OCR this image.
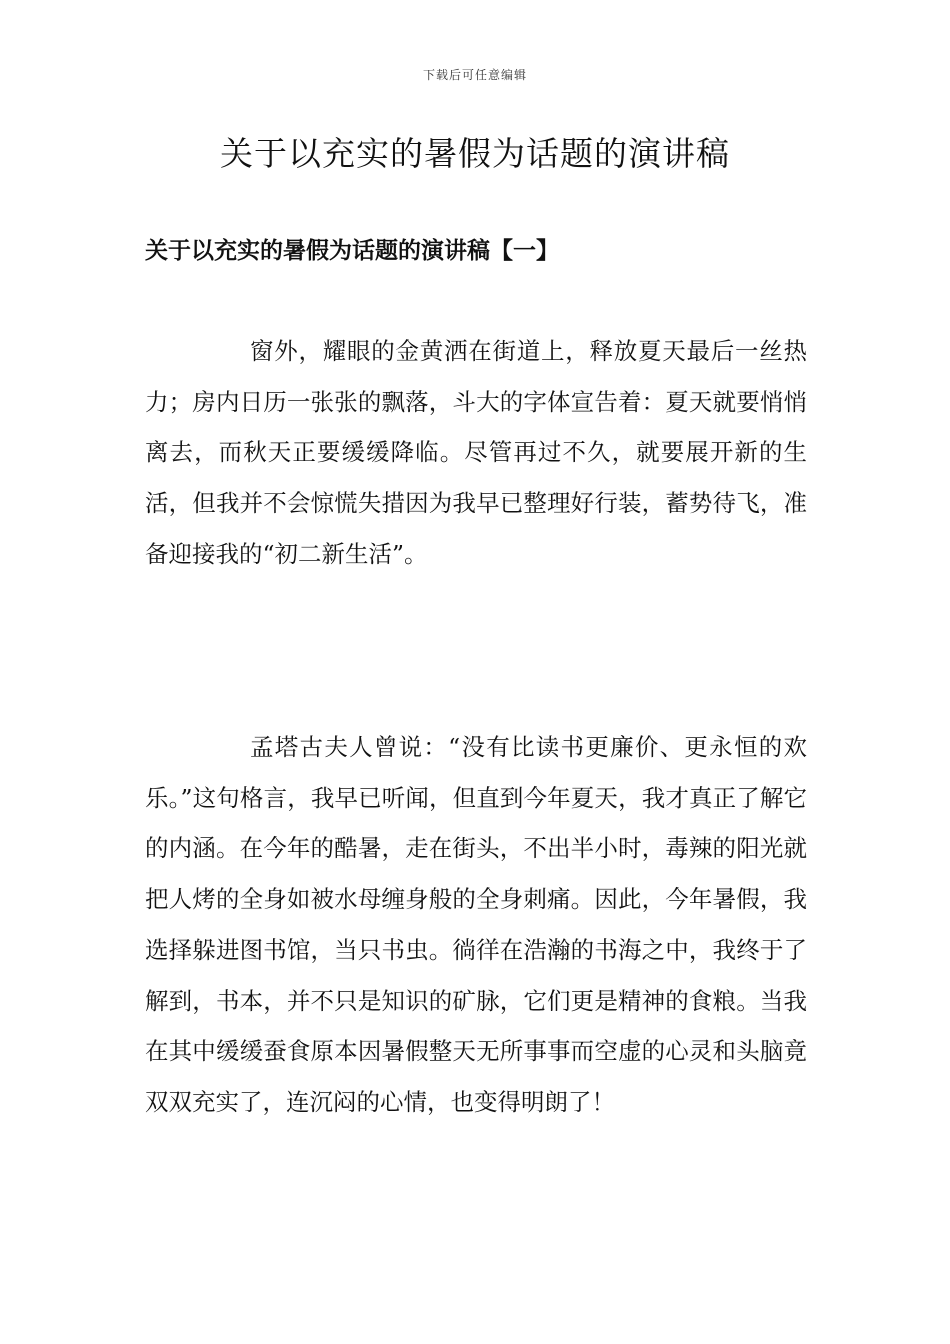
下载后可任意编辑
关于以充实的暑假为话题的演讲稿
关于以充实的暑假为话题的演讲稿【一】

窗外，耀眼的金黄洒在街道上，释放夏天最后一丝热力；房内日历一张张的飘落，斗大的字体宣告着：夏天就要悄悄离去，而秋天正要缓缓降临。尽管再过不久，就要展开新的生活，但我并不会惊慌失措因为我早已整理好行装，蓄势待飞，准备迎接我的“初二新生活”。

孟塔古夫人曾说：“没有比读书更廉价、更永恒的欢乐。”这句格言，我早已听闻，但直到今年夏天，我才真正了解它的内涵。在今年的酷暑，走在街头，不出半小时，毒辣的阳光就把人烤的全身如被水母缠身般的全身刺痛。因此，今年暑假，我选择躲进图书馆，当只书虫。徜徉在浩瀚的书海之中，我终于了解到，书本，并不只是知识的矿脉，它们更是精神的食粮。当我在其中缓缓蚕食原本因暑假整天无所事事而空虚的心灵和头脑竟双双充实了，连沉闷的心情，也变得明朗了！
